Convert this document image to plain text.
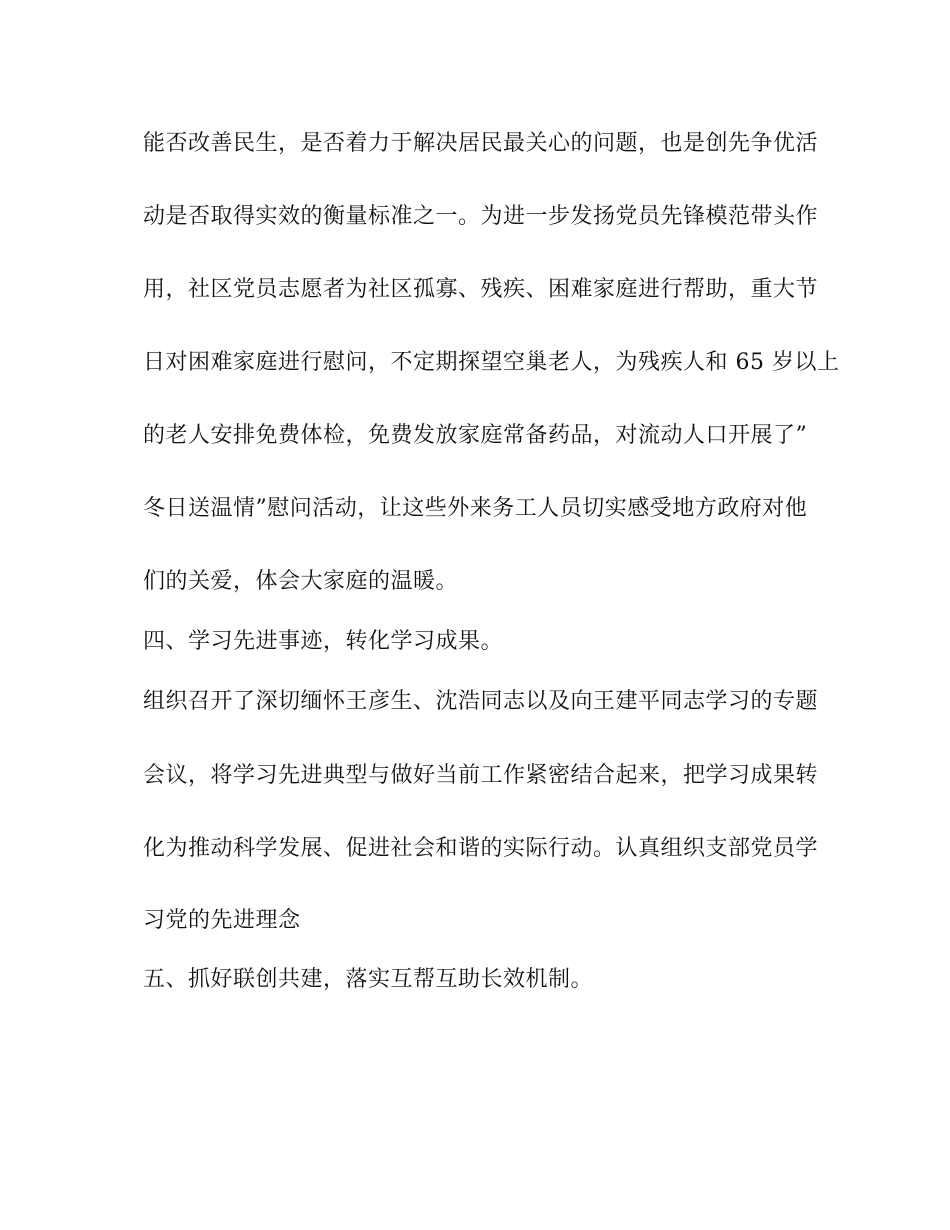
能否改善民生，是否着力于解决居民最关心的问题，也是创先争优活
动是否取得实效的衡量标准之一。为进一步发扬党员先锋模范带头作
用，社区党员志愿者为社区孤寡、残疾、困难家庭进行帮助，重大节
日对困难家庭进行慰问，不定期探望空巢老人，为残疾人和 65 岁以上
的老人安排免费体检，免费发放家庭常备药品，对流动人口开展了”
冬日送温情”慰问活动，让这些外来务工人员切实感受地方政府对他
们的关爱，体会大家庭的温暖。
四、学习先进事迹，转化学习成果。
组织召开了深切缅怀王彦生、沈浩同志以及向王建平同志学习的专题
会议，将学习先进典型与做好当前工作紧密结合起来，把学习成果转
化为推动科学发展、促进社会和谐的实际行动。认真组织支部党员学
习党的先进理念
五、抓好联创共建，落实互帮互助长效机制。
